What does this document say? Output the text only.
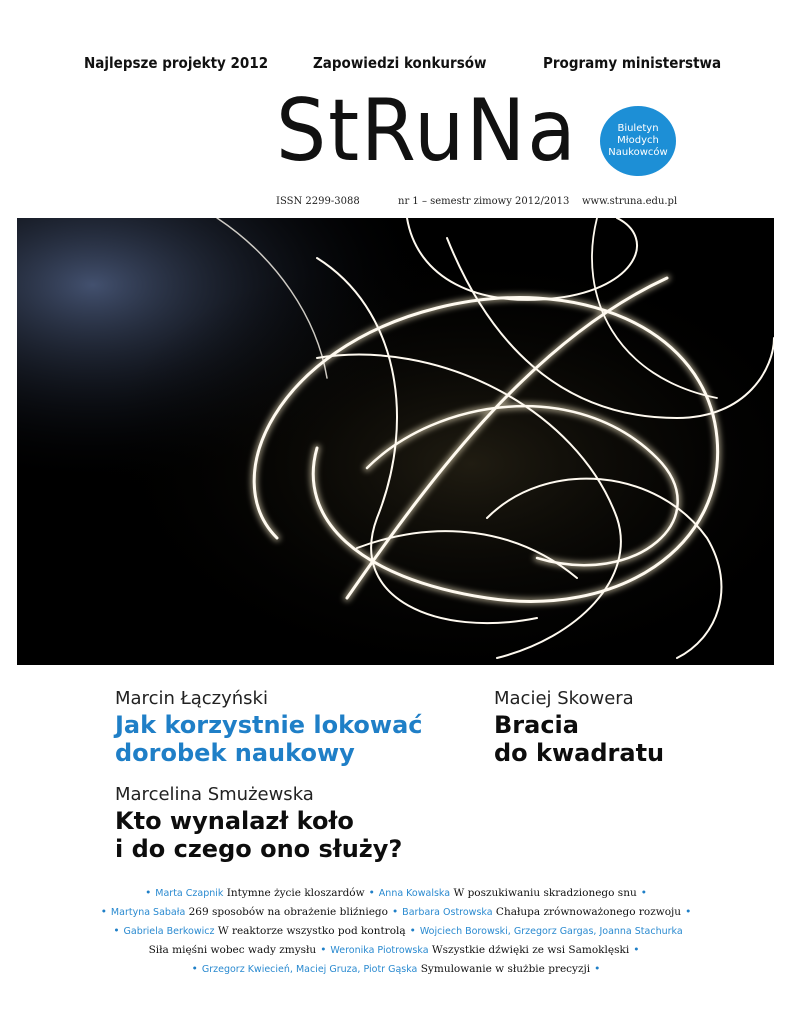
Najlepsze projekty 2012	Zapowiedzi konkursów	Programy ministerstwa
StRuNa	Biuletyn
Młodych
Naukowców
ISSN 2299-3088	nr 1 – semestr zimowy 2012/2013 www.struna.edu.pl
Marcin Łączyński
Jak korzystnie lokować
dorobek naukowy
Maciej Skowera
Bracia
do kwadratu
Marcelina Smużewska
Kto wynalazł koło
i do czego ono służy?
• Marta Czapnik Intymne życie kloszardów • Anna Kowalska W poszukiwaniu skradzionego snu •
• Martyna Sabała 269 sposobów na obrażenie bliźniego • Barbara Ostrowska Chałupa zrównoważonego rozwoju •
• Gabriela Berkowicz W reaktorze wszystko pod kontrolą • Wojciech Borowski, Grzegorz Gargas, Joanna Stachurka
Siła mięśni wobec wady zmysłu • Weronika Piotrowska Wszystkie dźwięki ze wsi Samoklęski •
• Grzegorz Kwiecień, Maciej Gruza, Piotr Gąska Symulowanie w służbie precyzji •
